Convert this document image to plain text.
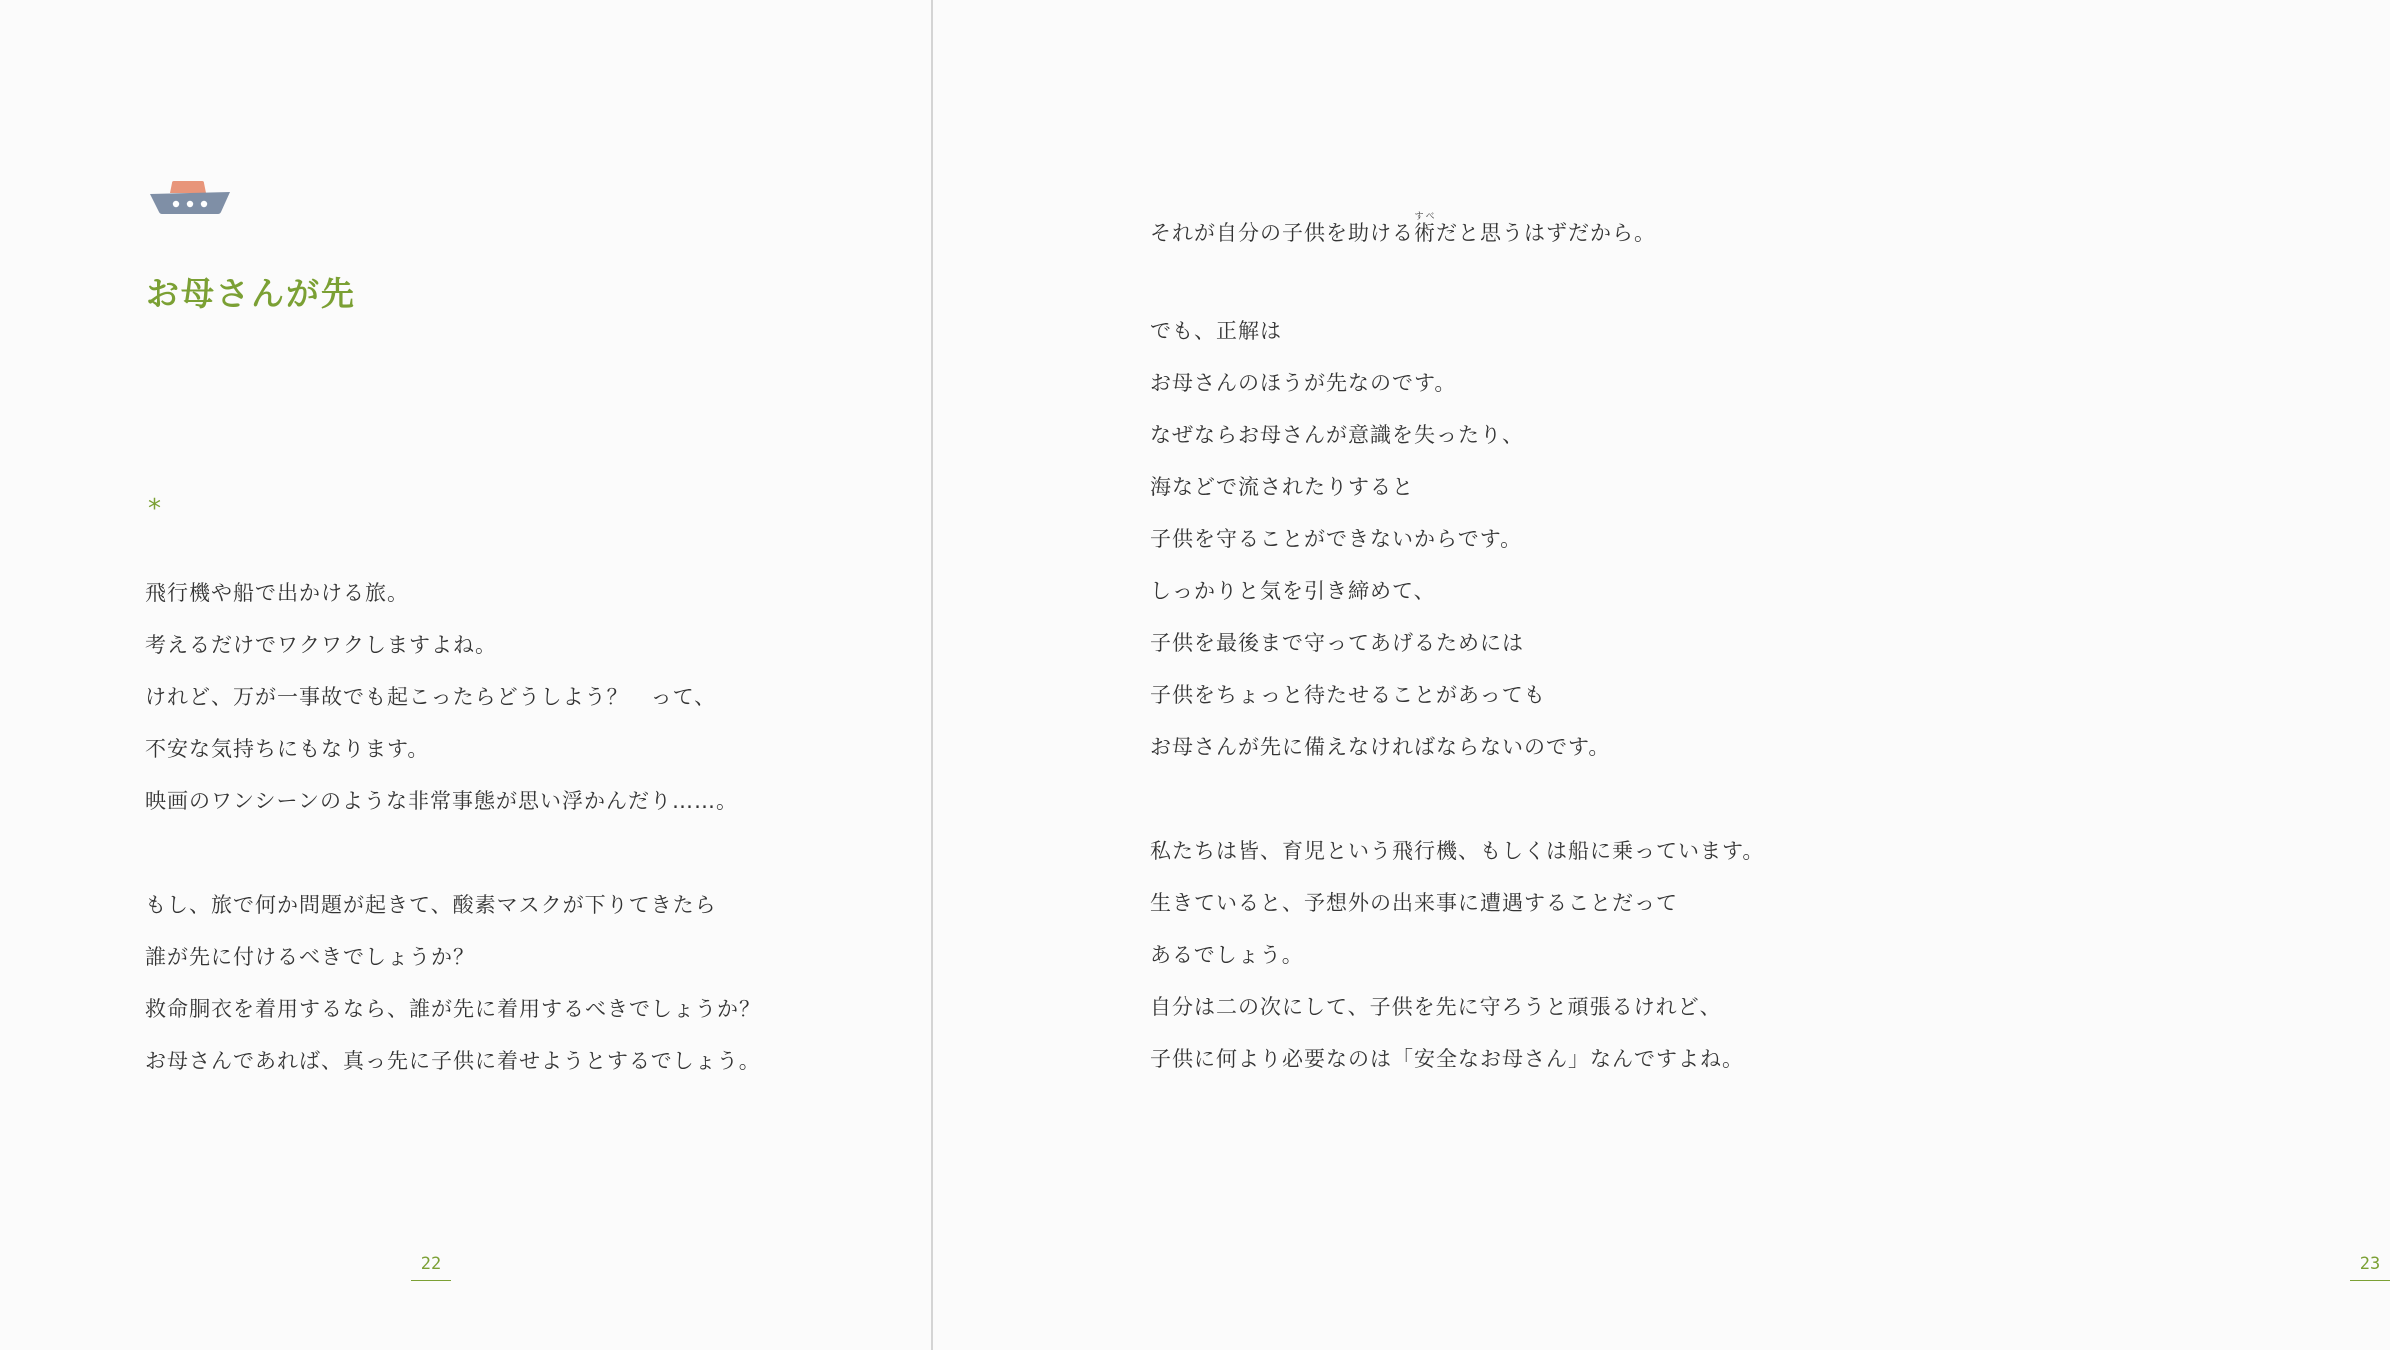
お母さんが先
*
飛行機や船で出かける旅。
考えるだけでワクワクしますよね。
けれど、万が一事故でも起こったらどうしよう？　って、
不安な気持ちにもなります。
映画のワンシーンのような非常事態が思い浮かんだり……。
もし、旅で何か問題が起きて、酸素マスクが下りてきたら
誰が先に付けるべきでしょうか？
救命胴衣を着用するなら、誰が先に着用するべきでしょうか？
お母さんであれば、真っ先に子供に着せようとするでしょう。
22	23
それが自分の子供を助ける術すべだと思うはずだから。
でも、正解は
お母さんのほうが先なのです。
なぜならお母さんが意識を失ったり、
海などで流されたりすると
子供を守ることができないからです。
しっかりと気を引き締めて、
子供を最後まで守ってあげるためには
子供をちょっと待たせることがあっても
お母さんが先に備えなければならないのです。
私たちは皆、育児という飛行機、もしくは船に乗っています。
生きていると、予想外の出来事に遭遇することだって
あるでしょう。
自分は二の次にして、子供を先に守ろうと頑張るけれど、
子供に何より必要なのは「安全なお母さん」なんですよね。
